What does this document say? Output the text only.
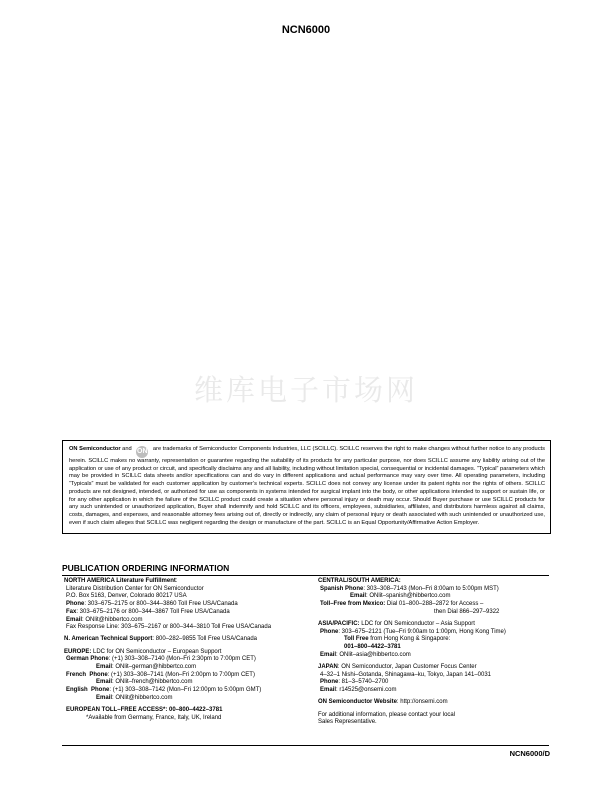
NCN6000
维库电子市场网
ON Semiconductor and ON are trademarks of Semiconductor Components Industries, LLC (SCILLC). SCILLC reserves the right to make changes without further notice to any products herein. SCILLC makes no warranty, representation or guarantee regarding the suitability of its products for any particular purpose, nor does SCILLC assume any liability arising out of the application or use of any product or circuit, and specifically disclaims any and all liability, including without limitation special, consequential or incidental damages. “Typical” parameters which may be provided in SCILLC data sheets and/or specifications can and do vary in different applications and actual performance may vary over time. All operating parameters, including “Typicals” must be validated for each customer application by customer’s technical experts. SCILLC does not convey any license under its patent rights nor the rights of others. SCILLC products are not designed, intended, or authorized for use as components in systems intended for surgical implant into the body, or other applications intended to support or sustain life, or for any other application in which the failure of the SCILLC product could create a situation where personal injury or death may occur. Should Buyer purchase or use SCILLC products for any such unintended or unauthorized application, Buyer shall indemnify and hold SCILLC and its officers, employees, subsidiaries, affiliates, and distributors harmless against all claims, costs, damages, and expenses, and reasonable attorney fees arising out of, directly or indirectly, any claim of personal injury or death associated with such unintended or unauthorized use, even if such claim alleges that SCILLC was negligent regarding the design or manufacture of the part. SCILLC is an Equal Opportunity/Affirmative Action Employer.
PUBLICATION ORDERING INFORMATION
NORTH AMERICA Literature Fulfillment:
Literature Distribution Center for ON Semiconductor
P.O. Box 5163, Denver, Colorado 80217 USA
Phone: 303–675–2175 or 800–344–3860 Toll Free USA/Canada
Fax: 303–675–2176 or 800–344–3867 Toll Free USA/Canada
Email: ONlit@hibbertco.com
Fax Response Line: 303–675–2167 or 800–344–3810 Toll Free USA/Canada
N. American Technical Support: 800–282–9855 Toll Free USA/Canada
EUROPE: LDC for ON Semiconductor – European Support
German Phone: (+1) 303–308–7140 (Mon–Fri 2:30pm to 7:00pm CET)
Email: ONlit–german@hibbertco.com
French Phone: (+1) 303–308–7141 (Mon–Fri 2:00pm to 7:00pm CET)
Email: ONlit–french@hibbertco.com
English Phone: (+1) 303–308–7142 (Mon–Fri 12:00pm to 5:00pm GMT)
Email: ONlit@hibbertco.com
EUROPEAN TOLL–FREE ACCESS*: 00–800–4422–3781
*Available from Germany, France, Italy, UK, Ireland
CENTRAL/SOUTH AMERICA:
Spanish Phone: 303–308–7143 (Mon–Fri 8:00am to 5:00pm MST)
Email: ONlit–spanish@hibbertco.com
Toll–Free from Mexico: Dial 01–800–288–2872 for Access –
then Dial 866–297–9322
ASIA/PACIFIC: LDC for ON Semiconductor – Asia Support
Phone: 303–675–2121 (Tue–Fri 9:00am to 1:00pm, Hong Kong Time)
Toll Free from Hong Kong & Singapore:
001–800–4422–3781
Email: ONlit–asia@hibbertco.com
JAPAN: ON Semiconductor, Japan Customer Focus Center
4–32–1 Nishi–Gotanda, Shinagawa–ku, Tokyo, Japan 141–0031
Phone: 81–3–5740–2700
Email: r14525@onsemi.com
ON Semiconductor Website: http://onsemi.com
For additional information, please contact your local
Sales Representative.
NCN6000/D
